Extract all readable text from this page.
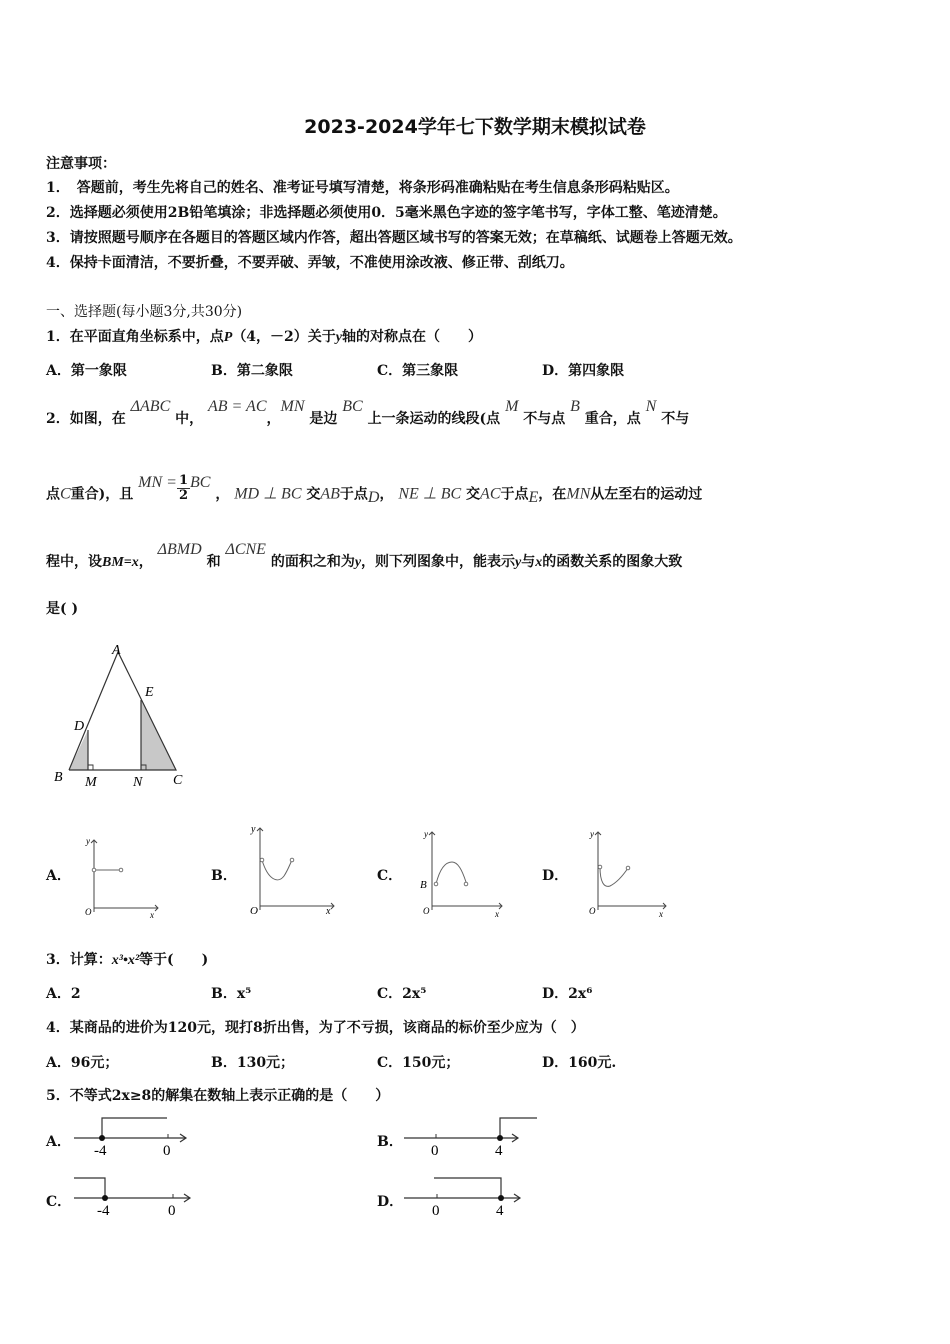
2023-2024学年七下数学期末模拟试卷
注意事项：
1．　答题前，考生先将自己的姓名、准考证号填写清楚，将条形码准确粘贴在考生信息条形码粘贴区。
2．选择题必须使用2B铅笔填涂；非选择题必须使用0．5毫米黑色字迹的签字笔书写，字体工整、笔迹清楚。
3．请按照题号顺序在各题目的答题区域内作答，超出答题区域书写的答案无效；在草稿纸、试题卷上答题无效。
4．保持卡面清洁，不要折叠，不要弄破、弄皱，不准使用涂改液、修正带、刮纸刀。
一、选择题(每小题3分,共30分)
1．在平面直角坐标系中，点P（4，－2）关于y轴的对称点在（　　）
A．第一象限	B．第二象限	C．第三象限	D．第四象限
2．如图，在 ΔABC 中， AB = AC，MN 是边 BC 上一条运动的线段(点 M 不与点 B 重合，点 N 不与
点C重合)，且 MN = $\frac{1}{2}$ BC ， MD ⊥ BC 交AB于点D， NE ⊥ BC 交AC于点E，在MN从左至右的运动过
程中，设BM=x， ΔBMD 和 ΔCNE 的面积之和为y，则下列图象中，能表示y与x的函数关系的图象大致
是( )
A
E
D
B M	N C
A．	B．	C．	D．
O	x
y
O	x
y
B
O	x
y
O	x
y
3．计算：x³•x²等于(　　)
A．2	B．x⁵	C．2x⁵	D．2x⁶
4．某商品的进价为120元，现打8折出售，为了不亏损，该商品的标价至少应为（　）
A．96元；	B．130元；	C．150元；	D．160元.
5．不等式2x≥8的解集在数轴上表示正确的是（　　）
A．	B．
C．	D．
-4	0	0	4
-4	0	0	4
